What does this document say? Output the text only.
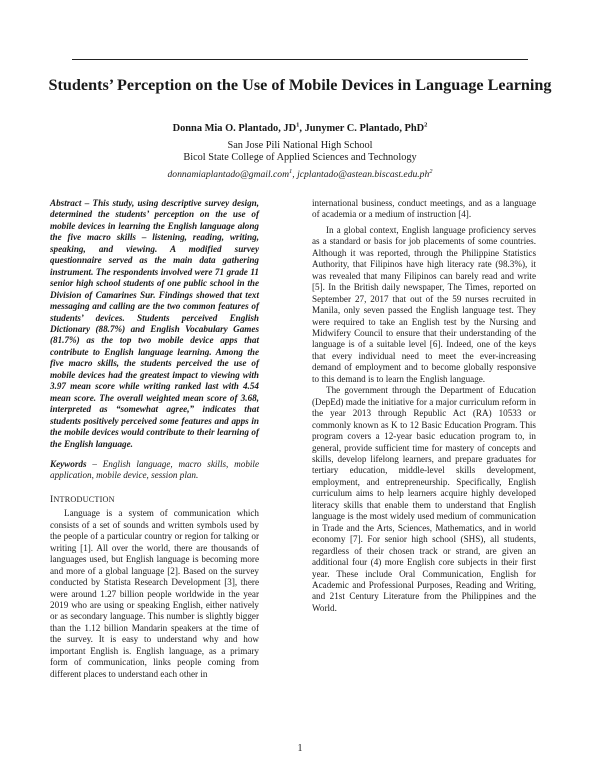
Students’ Perception on the Use of Mobile Devices in Language Learning
Donna Mia O. Plantado, $JD^1$, Junymer C. Plantado, PhD$^2$
San Jose Pili National High School
Bicol State College of Applied Sciences and Technology
donnamiaplantado@gmail.com$^1$, $jcplantado@astean.biscast.edu.ph^2$

Abstract – This study, using descriptive survey design, determined the students’ perception on the use of mobile devices in learning the English language along the five macro skills – listening, reading, writing, speaking, and viewing. A modified survey questionnaire served as the main data gathering instrument. The respondents involved were 71 grade 11 senior high school students of one public school in the Division of Camarines Sur. Findings showed that text messaging and calling are the two common features of students’ devices. Students perceived English Dictionary (88.7%) and English Vocabulary Games (81.7%) as the top two mobile device apps that contribute to English language learning. Among the five macro skills, the students perceived the use of mobile devices had the greatest impact to viewing with 3.97 mean score while writing ranked last with 4.54 mean score. The overall weighted mean score of 3.68, interpreted as “somewhat agree,” indicates that students positively perceived some features and apps in the mobile devices would contribute to their learning of the English language.

Keywords – English language, macro skills, mobile application, mobile device, session plan.

INTRODUCTION

Language is a system of communication which consists of a set of sounds and written symbols used by the people of a particular country or region for talking or writing [1]. All over the world, there are thousands of languages used, but English language is becoming more and more of a global language [2]. Based on the survey conducted by Statista Research Development [3], there were around 1.27 billion people worldwide in the year 2019 who are using or speaking English, either natively or as secondary language. This number is slightly bigger than the 1.12 billion Mandarin speakers at the time of the survey. It is easy to understand why and how important English is. English language, as a primary form of communication, links people coming from different places to understand each other in

international business, conduct meetings, and as a language of academia or a medium of instruction [4].

In a global context, English language proficiency serves as a standard or basis for job placements of some countries. Although it was reported, through the Philippine Statistics Authority, that Filipinos have high literacy rate (98.3%), it was revealed that many Filipinos can barely read and write [5]. In the British daily newspaper, The Times, reported on September 27, 2017 that out of the 59 nurses recruited in Manila, only seven passed the English language test. They were required to take an English test by the Nursing and Midwifery Council to ensure that their understanding of the language is of a suitable level [6]. Indeed, one of the keys that every individual need to meet the ever-increasing demand of employment and to become globally responsive to this demand is to learn the English language.

The government through the Department of Education (DepEd) made the initiative for a major curriculum reform in the year 2013 through Republic Act (RA) 10533 or commonly known as K to 12 Basic Education Program. This program covers a 12-year basic education program to, in general, provide sufficient time for mastery of concepts and skills, develop lifelong learners, and prepare graduates for tertiary education, middle-level skills development, employment, and entrepreneurship. Specifically, English curriculum aims to help learners acquire highly developed literacy skills that enable them to understand that English language is the most widely used medium of communication in Trade and the Arts, Sciences, Mathematics, and in world economy [7]. For senior high school (SHS), all students, regardless of their chosen track or strand, are given an additional four (4) more English core subjects in their first year. These include Oral Communication, English for Academic and Professional Purposes, Reading and Writing, and 21st Century Literature from the Philippines and the World.

1
